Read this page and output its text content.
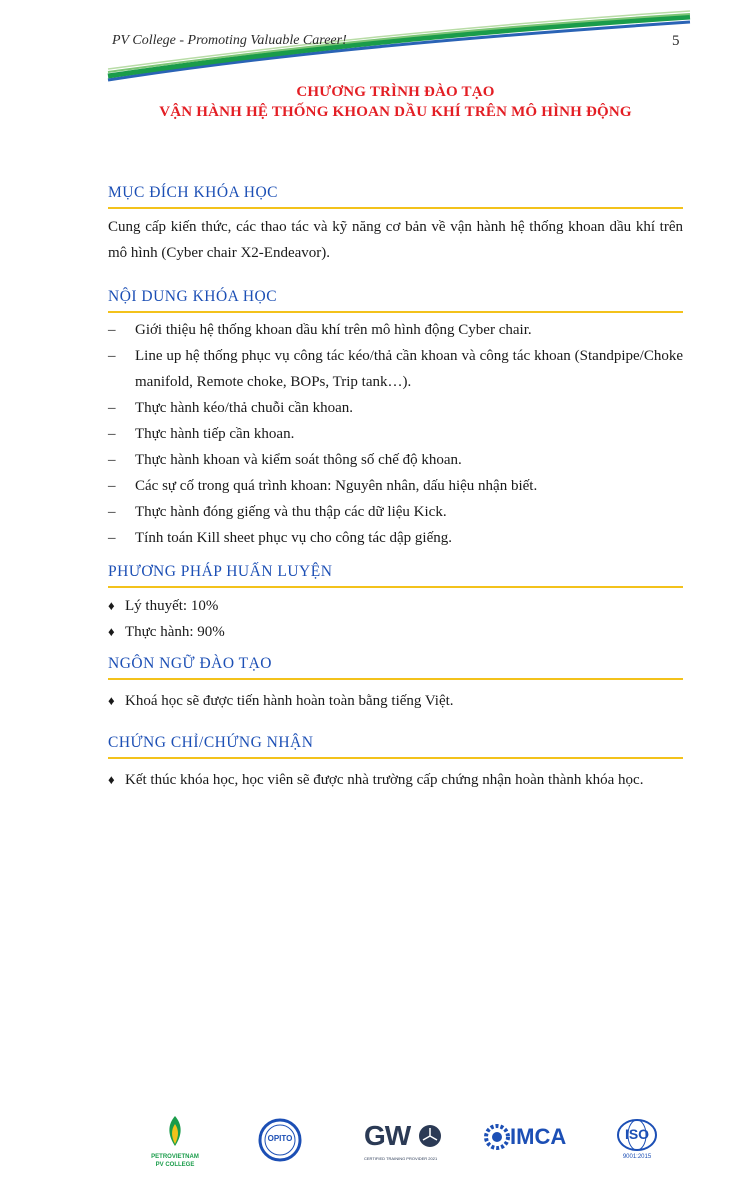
PV College - Promoting Valuable Career!	5
CHƯƠNG TRÌNH ĐÀO TẠO
VẬN HÀNH HỆ THỐNG KHOAN DẦU KHÍ TRÊN MÔ HÌNH ĐỘNG
MỤC ĐÍCH KHÓA HỌC
Cung cấp kiến thức, các thao tác và kỹ năng cơ bản về vận hành hệ thống khoan dầu khí trên mô hình (Cyber chair X2-Endeavor).
NỘI DUNG KHÓA HỌC
– Giới thiệu hệ thống khoan dầu khí trên mô hình động Cyber chair.
– Line up hệ thống phục vụ công tác kéo/thả cần khoan và công tác khoan (Standpipe/Choke manifold, Remote choke, BOPs, Trip tank…).
– Thực hành kéo/thả chuỗi cần khoan.
– Thực hành tiếp cần khoan.
– Thực hành khoan và kiểm soát thông số chế độ khoan.
– Các sự cố trong quá trình khoan: Nguyên nhân, dấu hiệu nhận biết.
– Thực hành đóng giếng và thu thập các dữ liệu Kick.
– Tính toán Kill sheet phục vụ cho công tác dập giếng.
PHƯƠNG PHÁP HUẤN LUYỆN
♦ Lý thuyết: 10%
♦ Thực hành: 90%
NGÔN NGỮ ĐÀO TẠO
♦ Khoá học sẽ được tiến hành hoàn toàn bằng tiếng Việt.
CHỨNG CHỈ/CHỨNG NHẬN
♦ Kết thúc khóa học, học viên sẽ được nhà trường cấp chứng nhận hoàn thành khóa học.
PETROVIETNAM
PV COLLEGE
OPITO	GW
CERTIFIED TRAINING PROVIDER 2021
IMCA	ISO
9001:2015
